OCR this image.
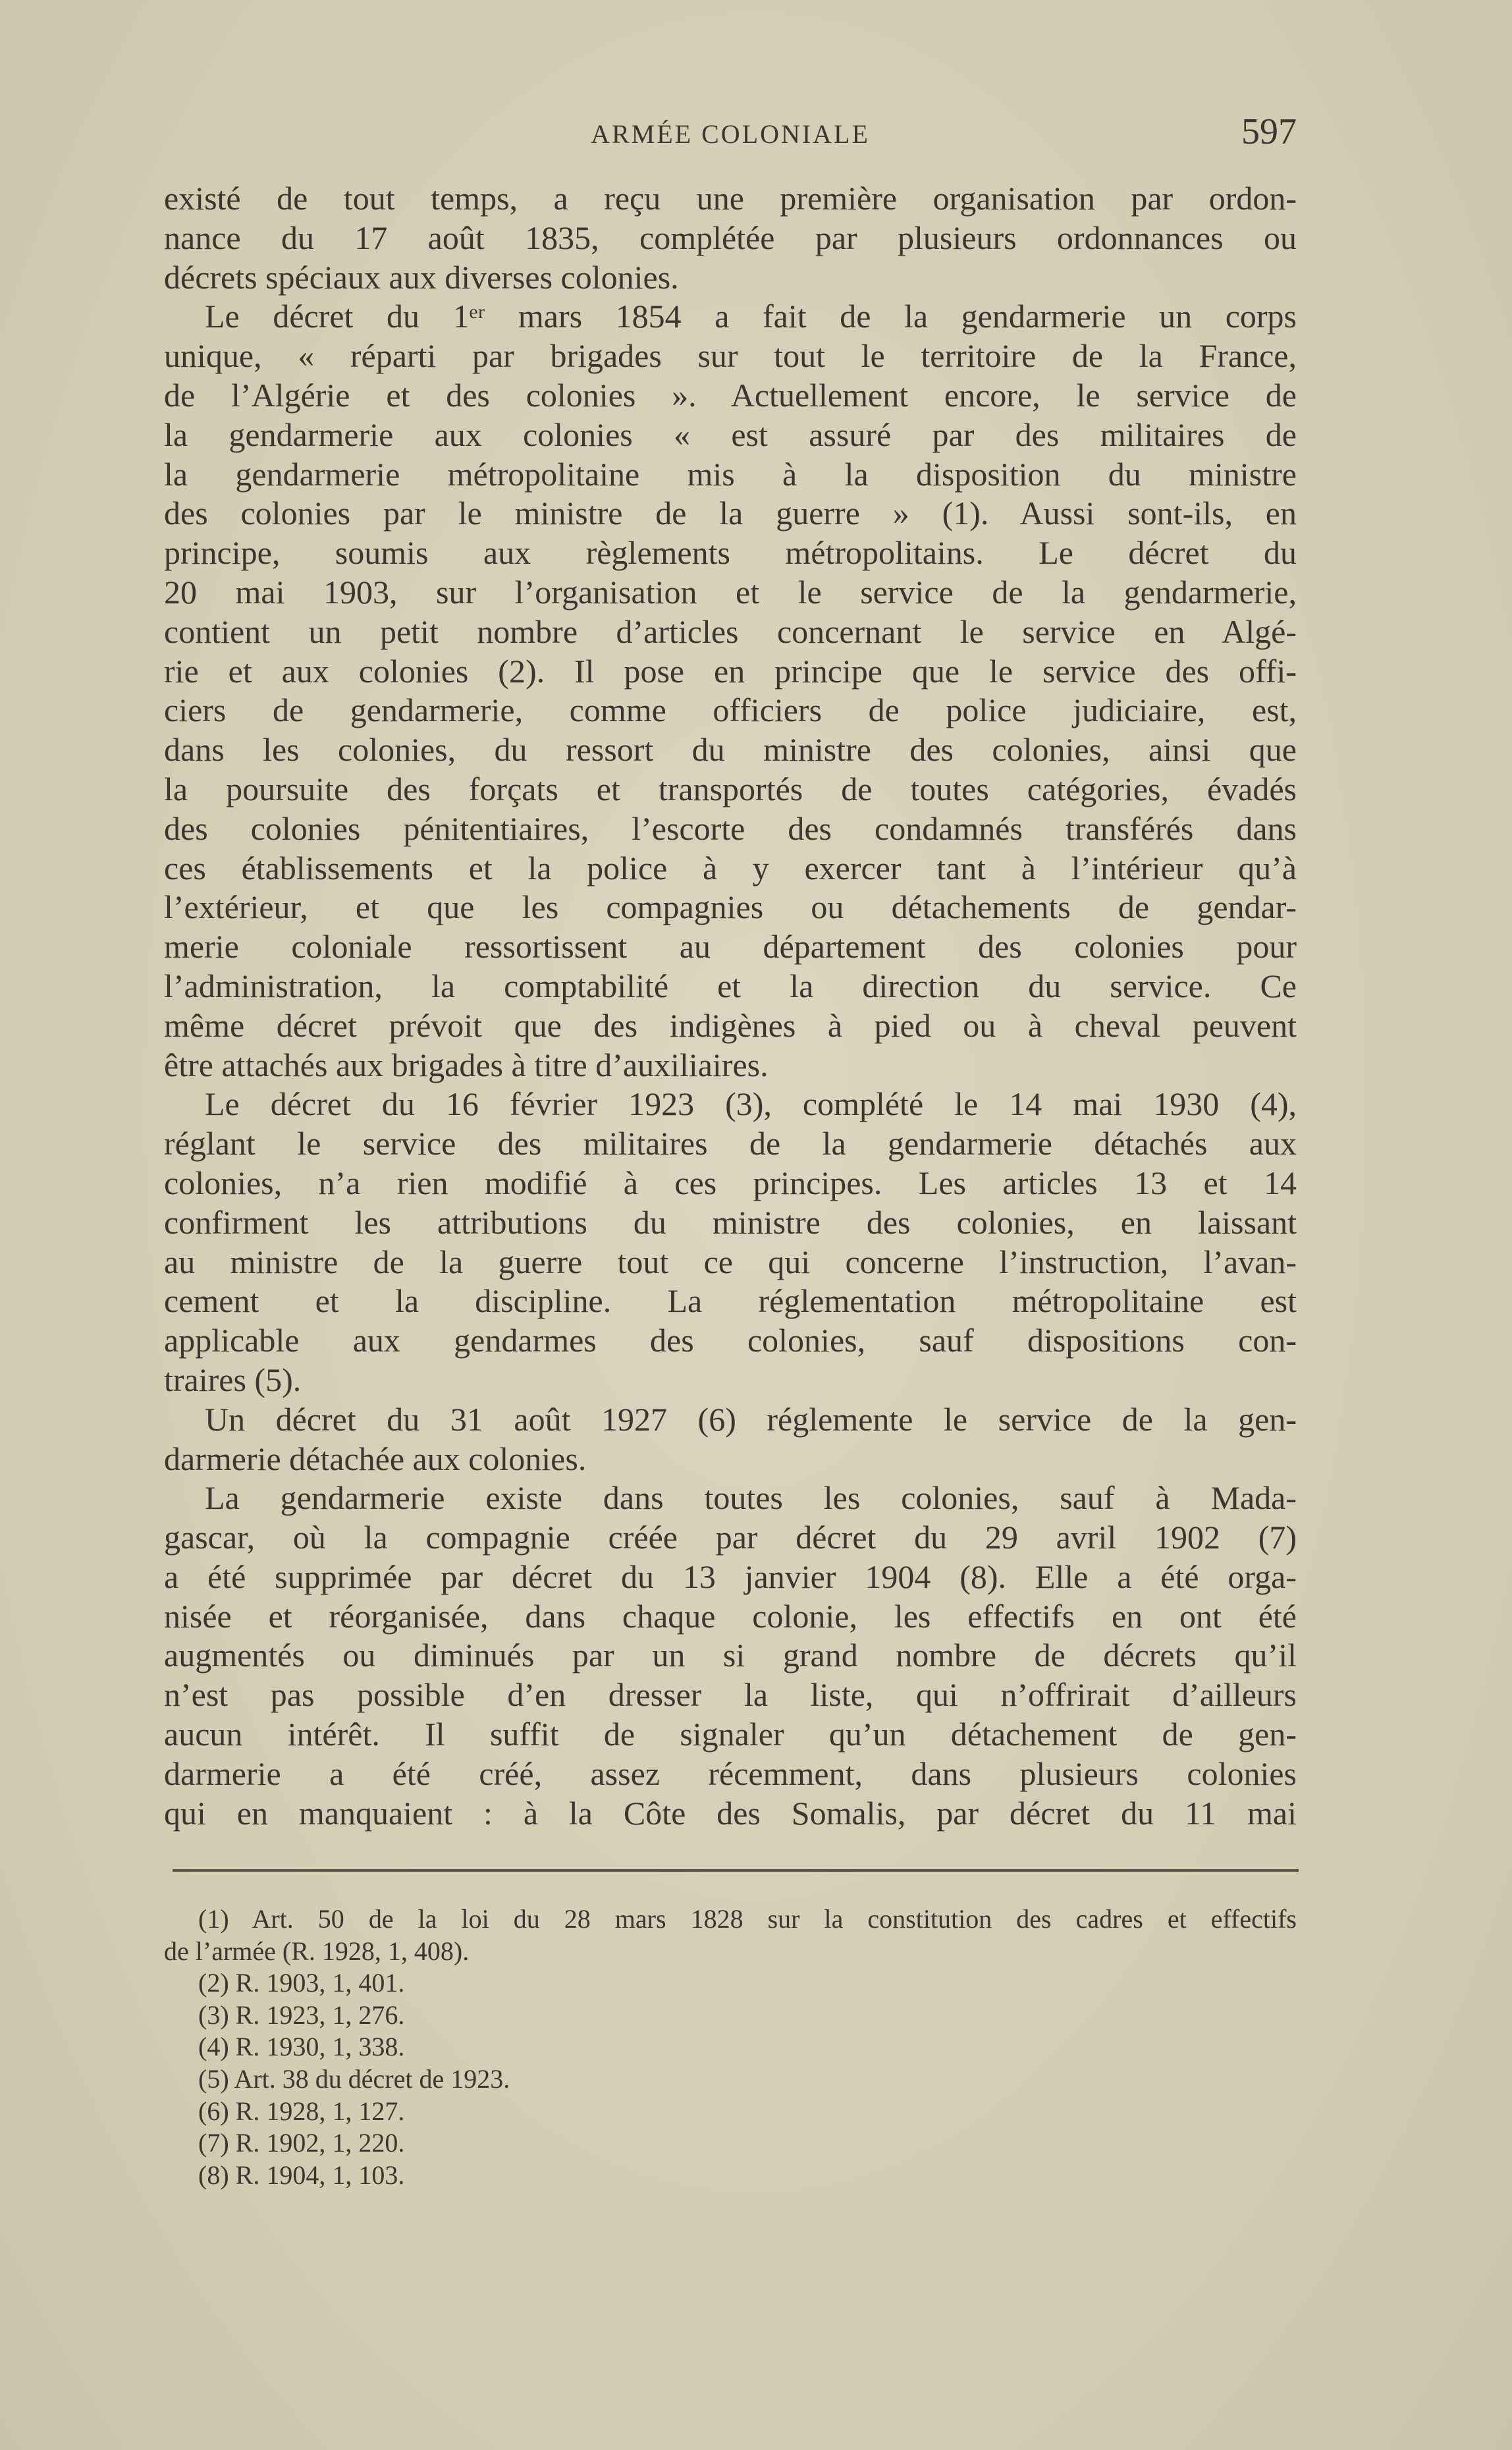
ARMÉE COLONIALE	597
existé de tout temps, a reçu une première organisation par ordon-
nance du 17 août 1835, complétée par plusieurs ordonnances ou
décrets spéciaux aux diverses colonies.
Le décret du 1ᵉʳ mars 1854 a fait de la gendarmerie un corps
unique, « réparti par brigades sur tout le territoire de la France,
de l’Algérie et des colonies ». Actuellement encore, le service de
la gendarmerie aux colonies « est assuré par des militaires de
la gendarmerie métropolitaine mis à la disposition du ministre
des colonies par le ministre de la guerre » (1). Aussi sont-ils, en
principe, soumis aux règlements métropolitains. Le décret du
20 mai 1903, sur l’organisation et le service de la gendarmerie,
contient un petit nombre d’articles concernant le service en Algé-
rie et aux colonies (2). Il pose en principe que le service des offi-
ciers de gendarmerie, comme officiers de police judiciaire, est,
dans les colonies, du ressort du ministre des colonies, ainsi que
la poursuite des forçats et transportés de toutes catégories, évadés
des colonies pénitentiaires, l’escorte des condamnés transférés dans
ces établissements et la police à y exercer tant à l’intérieur qu’à
l’extérieur, et que les compagnies ou détachements de gendar-
merie coloniale ressortissent au département des colonies pour
l’administration, la comptabilité et la direction du service. Ce
même décret prévoit que des indigènes à pied ou à cheval peuvent
être attachés aux brigades à titre d’auxiliaires.
Le décret du 16 février 1923 (3), complété le 14 mai 1930 (4),
réglant le service des militaires de la gendarmerie détachés aux
colonies, n’a rien modifié à ces principes. Les articles 13 et 14
confirment les attributions du ministre des colonies, en laissant
au ministre de la guerre tout ce qui concerne l’instruction, l’avan-
cement et la discipline. La réglementation métropolitaine est
applicable aux gendarmes des colonies, sauf dispositions con-
traires (5).
Un décret du 31 août 1927 (6) réglemente le service de la gen-
darmerie détachée aux colonies.
La gendarmerie existe dans toutes les colonies, sauf à Mada-
gascar, où la compagnie créée par décret du 29 avril 1902 (7)
a été supprimée par décret du 13 janvier 1904 (8). Elle a été orga-
nisée et réorganisée, dans chaque colonie, les effectifs en ont été
augmentés ou diminués par un si grand nombre de décrets qu’il
n’est pas possible d’en dresser la liste, qui n’offrirait d’ailleurs
aucun intérêt. Il suffit de signaler qu’un détachement de gen-
darmerie a été créé, assez récemment, dans plusieurs colonies
qui en manquaient : à la Côte des Somalis, par décret du 11 mai
(1) Art. 50 de la loi du 28 mars 1828 sur la constitution des cadres et effectifs
de l’armée (R. 1928, 1, 408).
(2) R. 1903, 1, 401.
(3) R. 1923, 1, 276.
(4) R. 1930, 1, 338.
(5) Art. 38 du décret de 1923.
(6) R. 1928, 1, 127.
(7) R. 1902, 1, 220.
(8) R. 1904, 1, 103.
